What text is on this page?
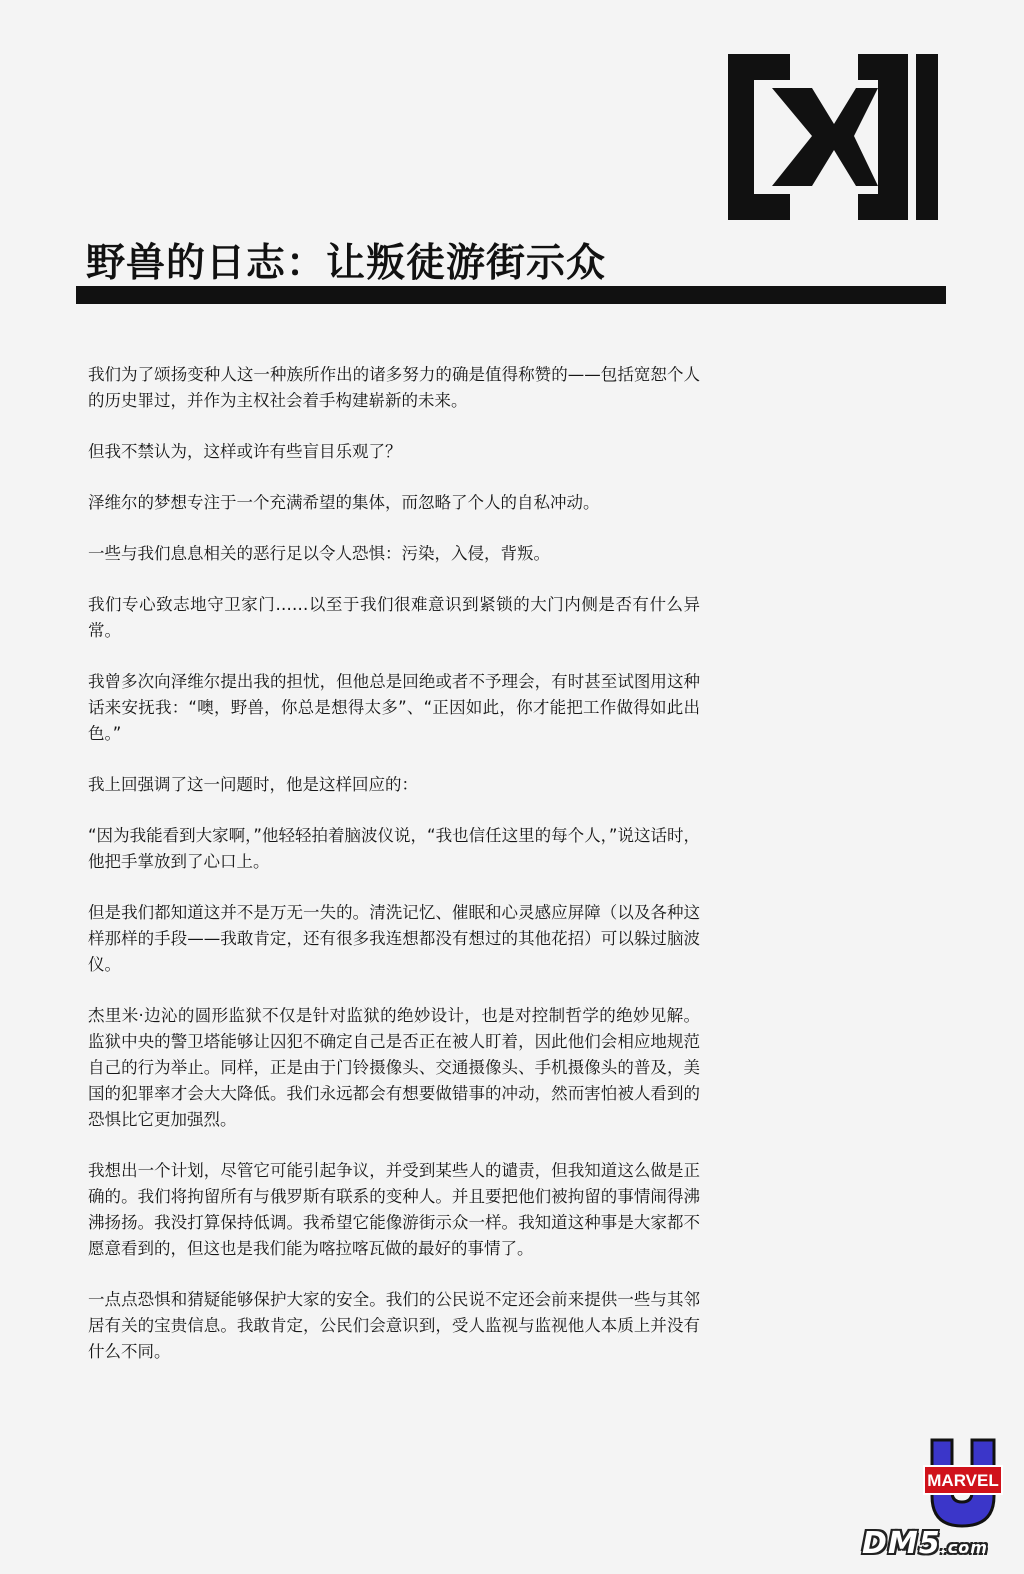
野兽的日志：让叛徒游街示众

我们为了颂扬变种人这一种族所作出的诸多努力的确是值得称赞的——包括宽恕个人的历史罪过，并作为主权社会着手构建崭新的未来。

但我不禁认为，这样或许有些盲目乐观了？

泽维尔的梦想专注于一个充满希望的集体，而忽略了个人的自私冲动。

一些与我们息息相关的恶行足以令人恐惧：污染，入侵，背叛。

我们专心致志地守卫家门……以至于我们很难意识到紧锁的大门内侧是否有什么异常。

我曾多次向泽维尔提出我的担忧，但他总是回绝或者不予理会，有时甚至试图用这种话来安抚我：“噢，野兽，你总是想得太多”、“正因如此，你才能把工作做得如此出色。”

我上回强调了这一问题时，他是这样回应的：

“因为我能看到大家啊，”他轻轻拍着脑波仪说，“我也信任这里的每个人，”说这话时，他把手掌放到了心口上。

但是我们都知道这并不是万无一失的。清洗记忆、催眠和心灵感应屏障（以及各种这样那样的手段——我敢肯定，还有很多我连想都没有想过的其他花招）可以躲过脑波仪。

杰里米·边沁的圆形监狱不仅是针对监狱的绝妙设计，也是对控制哲学的绝妙见解。监狱中央的警卫塔能够让囚犯不确定自己是否正在被人盯着，因此他们会相应地规范自己的行为举止。同样，正是由于门铃摄像头、交通摄像头、手机摄像头的普及，美国的犯罪率才会大大降低。我们永远都会有想要做错事的冲动，然而害怕被人看到的恐惧比它更加强烈。

我想出一个计划，尽管它可能引起争议，并受到某些人的谴责，但我知道这么做是正确的。我们将拘留所有与俄罗斯有联系的变种人。并且要把他们被拘留的事情闹得沸沸扬扬。我没打算保持低调。我希望它能像游街示众一样。我知道这种事是大家都不愿意看到的，但这也是我们能为喀拉喀瓦做的最好的事情了。

一点点恐惧和猜疑能够保护大家的安全。我们的公民说不定还会前来提供一些与其邻居有关的宝贵信息。我敢肯定，公民们会意识到，受人监视与监视他人本质上并没有什么不同。

MARVEL
DM5.com
